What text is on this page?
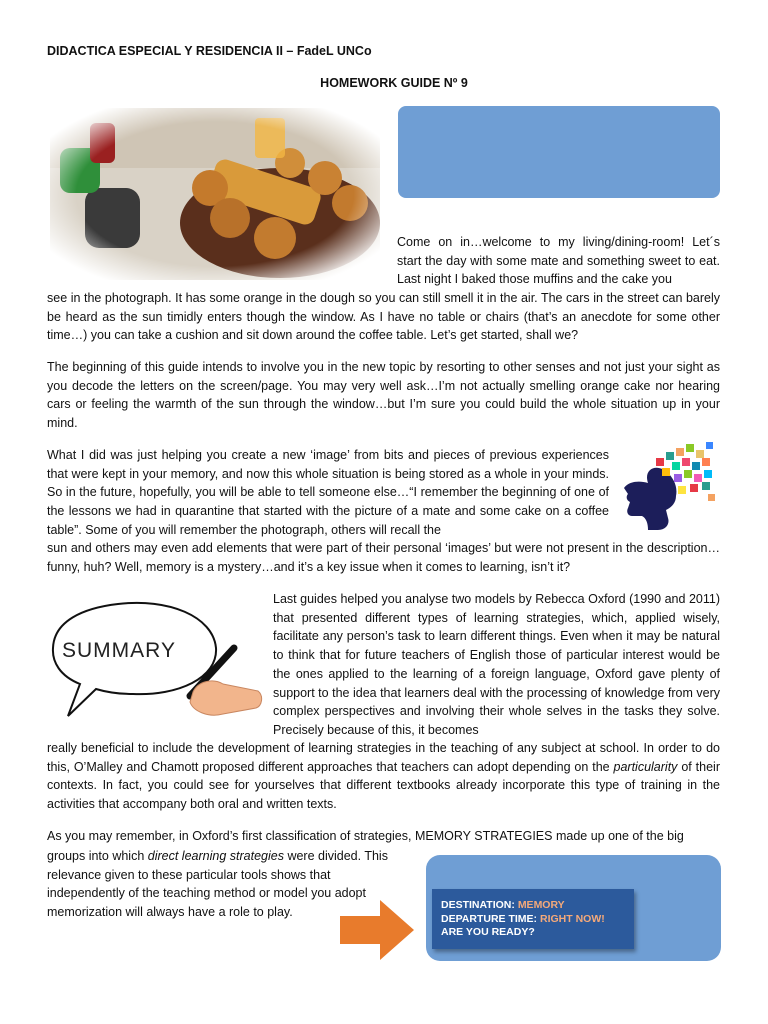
DIDACTICA ESPECIAL Y RESIDENCIA II – FadeL UNCo
HOMEWORK GUIDE Nº 9

Come on in…welcome to my living/dining-room! Let´s start the day with some mate and something sweet to eat. Last night I baked those muffins and the cake you

see in the photograph. It has some orange in the dough so you can still smell it in the air. The cars in the street can barely be heard as the sun timidly enters though the window. As I have no table or chairs (that’s an anecdote for some other time…) you can take a cushion and sit down around the coffee table. Let’s get started, shall we?

The beginning of this guide intends to involve you in the new topic by resorting to other senses and not just your sight as you decode the letters on the screen/page. You may very well ask…I’m not actually smelling orange cake nor hearing cars or feeling the warmth of the sun through the window…but I’m sure you could build the whole situation up in your mind.

What I did was just helping you create a new ‘image’ from bits and pieces of previous experiences that were kept in your memory, and now this whole situation is being stored as a whole in your minds. So in the future, hopefully, you will be able to tell someone else…“I remember the beginning of one of the lessons we had in quarantine that started with the picture of a mate and some cake on a coffee table”. Some of you will remember the photograph, others will recall the

sun and others may even add elements that were part of their personal ‘images’ but were not present in the description…funny, huh? Well, memory is a mystery…and it’s a key issue when it comes to learning, isn’t it?

SUMMARY

Last guides helped you analyse two models by Rebecca Oxford (1990 and 2011) that presented different types of learning strategies, which, applied wisely, facilitate any person’s task to learn different things. Even when it may be natural to think that for future teachers of English those of particular interest would be the ones applied to the learning of a foreign language, Oxford gave plenty of support to the idea that learners deal with the processing of knowledge from very complex perspectives and involving their whole selves in the tasks they solve. Precisely because of this, it becomes

really beneficial to include the development of learning strategies in the teaching of any subject at school. In order to do this, O’Malley and Chamott proposed different approaches that teachers can adopt depending on the particularity of their contexts. In fact, you could see for yourselves that different textbooks already incorporate this type of training in the activities that accompany both oral and written texts.

As you may remember, in Oxford’s first classification of strategies, MEMORY STRATEGIES made up one of the big

groups into which direct learning strategies were divided. This relevance given to these particular tools shows that independently of the teaching method or model you adopt memorization will always have a role to play.

DESTINATION: MEMORY
DEPARTURE TIME: RIGHT NOW!
ARE YOU READY?
